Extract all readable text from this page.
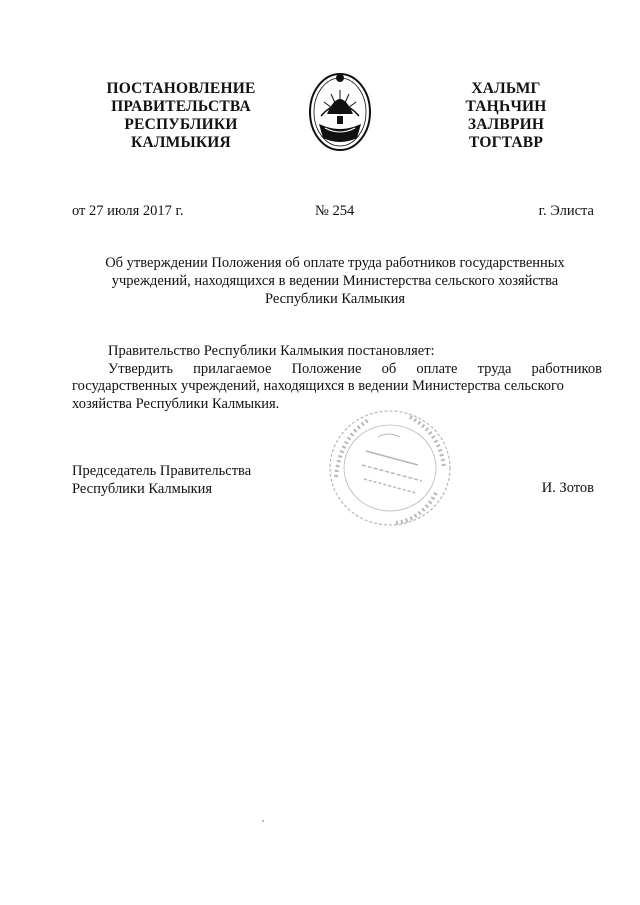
ПОСТАНОВЛЕНИЕ
ПРАВИТЕЛЬСТВА
РЕСПУБЛИКИ
КАЛМЫКИЯ
ХАЛЬМГ
ТАҢҺЧИН
ЗАЛВРИН
ТОГТАВР
от 27 июля 2017 г.	№ 254	г. Элиста
Об утверждении Положения об оплате труда работников государственных
учреждений, находящихся в ведении Министерства сельского хозяйства
Республики Калмыкия
Правительство Республики Калмыкия постановляет:
Утвердить прилагаемое Положение об оплате труда работников
государственных учреждений, находящихся в ведении Министерства сельского
хозяйства Республики Калмыкия.
Председатель Правительства
Республики Калмыкия	И. Зотов
